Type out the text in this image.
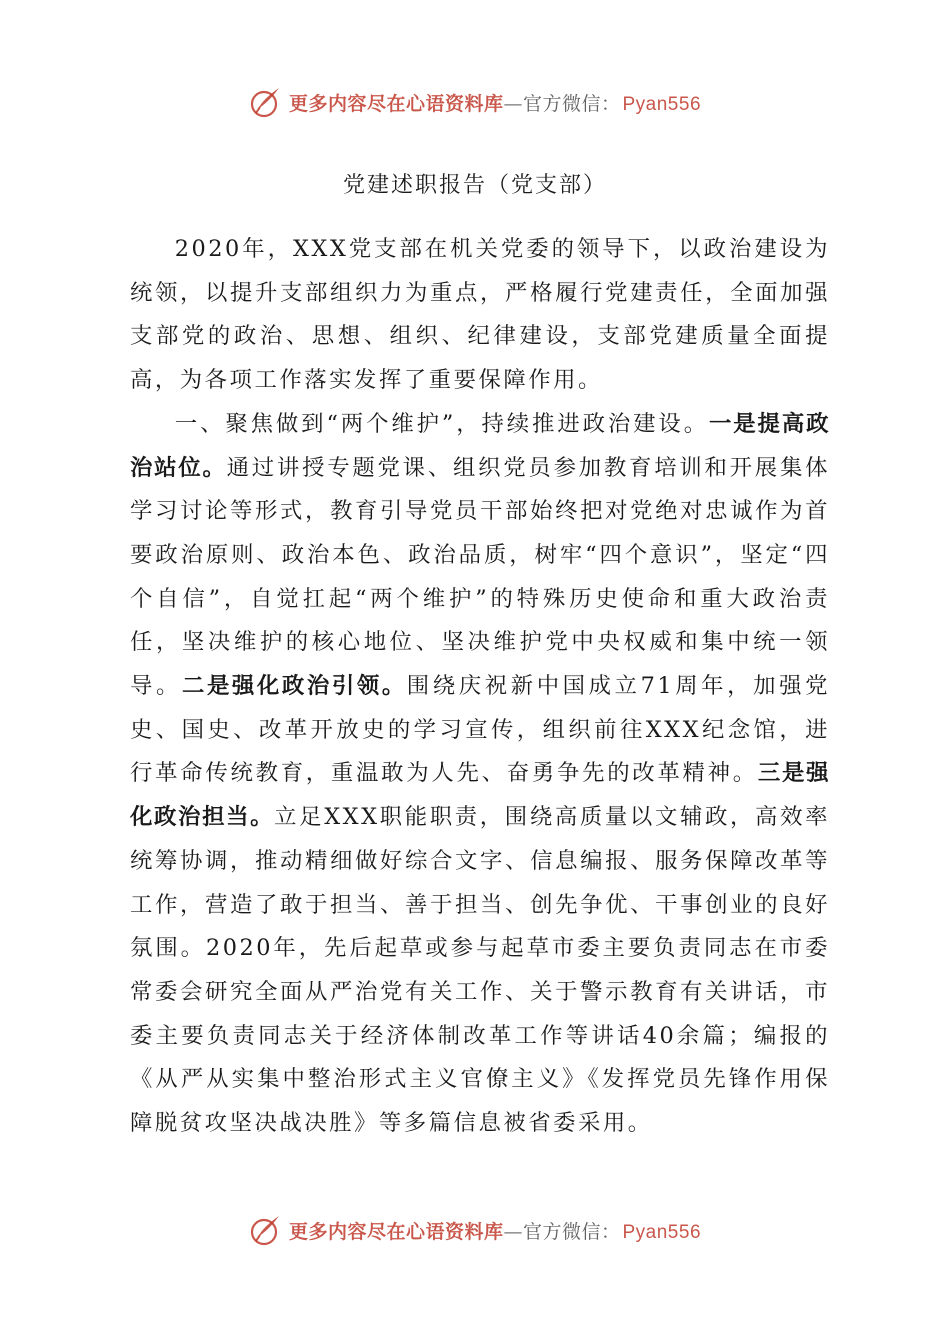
更多内容尽在心语资料库 — 官方微信： Pyan556
党建述职报告（党支部）

2020年，XXX党支部在机关党委的领导下，以政治建设为统领，以提升支部组织力为重点，严格履行党建责任，全面加强支部党的政治、思想、组织、纪律建设，支部党建质量全面提高，为各项工作落实发挥了重要保障作用。

一、聚焦做到“两个维护”，持续推进政治建设。一是提高政治站位。通过讲授专题党课、组织党员参加教育培训和开展集体学习讨论等形式，教育引导党员干部始终把对党绝对忠诚作为首要政治原则、政治本色、政治品质，树牢“四个意识”，坚定“四个自信”，自觉扛起“两个维护”的特殊历史使命和重大政治责任，坚决维护的核心地位、坚决维护党中央权威和集中统一领导。二是强化政治引领。围绕庆祝新中国成立71周年，加强党史、国史、改革开放史的学习宣传，组织前往XXX纪念馆，进行革命传统教育，重温敢为人先、奋勇争先的改革精神。三是强化政治担当。立足XXX职能职责，围绕高质量以文辅政，高效率统筹协调，推动精细做好综合文字、信息编报、服务保障改革等工作，营造了敢于担当、善于担当、创先争优、干事创业的良好氛围。2020年，先后起草或参与起草市委主要负责同志在市委常委会研究全面从严治党有关工作、关于警示教育有关讲话，市委主要负责同志关于经济体制改革工作等讲话40余篇；编报的《从严从实集中整治形式主义官僚主义》《发挥党员先锋作用保障脱贫攻坚决战决胜》等多篇信息被省委采用。

更多内容尽在心语资料库 — 官方微信： Pyan556
